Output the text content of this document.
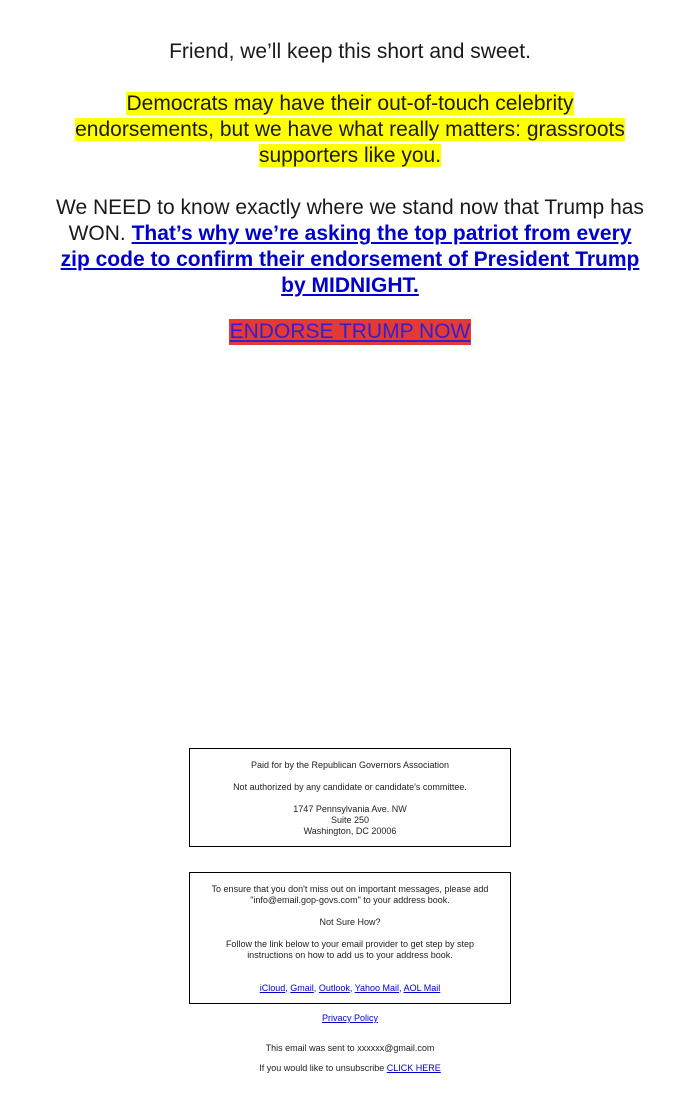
Friend, we’ll keep this short and sweet.

Democrats may have their out-of-touch celebrity endorsements, but we have what really matters: grassroots supporters like you.

We NEED to know exactly where we stand now that Trump has WON. That’s why we’re asking the top patriot from every zip code to confirm their endorsement of President Trump by MIDNIGHT.

ENDORSE TRUMP NOW

Paid for by the Republican Governors Association

Not authorized by any candidate or candidate's committee.

1747 Pennsylvania Ave. NW

Suite 250

Washington, DC 20006

To ensure that you don't miss out on important messages, please add "info@email.gop-govs.com" to your address book.

Not Sure How?

Follow the link below to your email provider to get step by step instructions on how to add us to your address book.

iCloud, Gmail, Outlook, Yahoo Mail, AOL Mail

Privacy Policy
This email was sent to xxxxxx@gmail.com
If you would like to unsubscribe CLICK HERE
